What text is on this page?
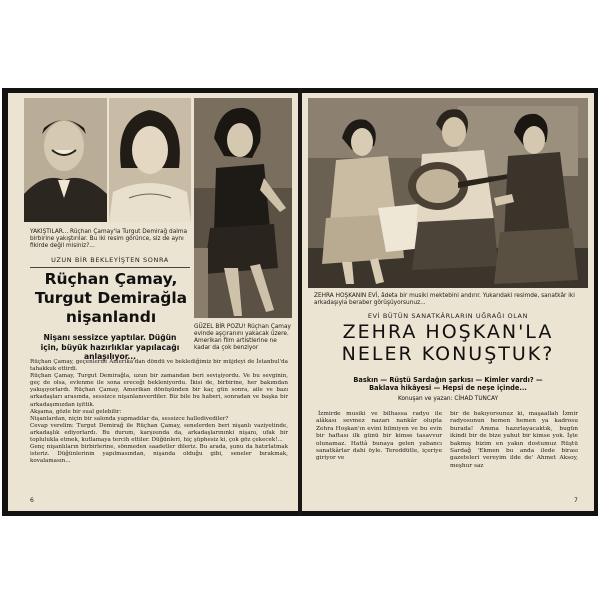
YAKIŞTILAR... Rüçhan Çamay'la Turgut Demirağ dalma birbirine yakıştırılar. Bu iki resim görünce, siz de aynı fikirde değil misiniz?...
UZUN BİR BEKLEYİŞTEN SONRA
Rüçhan Çamay,
Turgut Demirağla
nişanlandı
Nişanı sessizce yaptılar. Düğün için, büyük hazırlıklar yapılacağı anlaşılıyor...
GÜZEL BİR POZU! Rüçhan Çamay evinde aşçıranını yakacak üzere. Amerikan film artistlerine ne kadar da çok benziyor

Rüçhan Çamay, geçenlerde Amerika'dan döndü ve beklediğimiz bir müjdeyi de İstanbul'da tahakkuk ettirdi.

Rüçhan Çamay, Turgut Demirağla, uzun bir zamandan beri sevişiyordu. Ve bu sevginin, geç de olsa, evlenme ile sona ereceği bekleniyordu. İkisi de, birbirine, her bakımdan yakışıyorlardı. Rüçhan Çamay, Amerikan dönüşünden bir kaç gün sonra, aile ve bazı arkadaşları arasında, sessizce nişanlanıverdiler. Biz bile bu haberi, sonradan ve başka bir arkadaşımızdan işittik.

Akşama, gözle bir sual gelebilir:

Nişanlardan, niçin bir salonda yapmadılar da, sessizce halledivediler?

Cevap verelim: Turgut Demirağ ile Rüçhan Çamay, senelerden beri nişanlı vaziyetinde, arkadaşlık ediyorlardı. Bu durum, karşısında da, arkadaşlarınınki nişanı, ufak bir toplulukla etmek, kutlamaya tercih ettiler. Düğünleri, hiç şüphesiz ki, çok göz çekecek!...

Genç nişanlıların birbirlerine, sönmeden saadetler dileriz. Bu arada, şunu da hatırlatmak isteriz. Düğünlerinin yapılmasından, nişanda olduğu gibi, seneler bırakmak, kovalamasın...

6
ZEHRA HOŞKANIN EVİ, âdeta bir musiki mektebini andırır. Yukarıdaki resimde, sanatkâr iki arkadaşıyla beraber görüşüyorsunuz...
EVİ BÜTÜN SANATKÂRLARIN UĞRAĞI OLAN
ZEHRA HOŞKAN'LA
NELER KONUŞTUK?
Baskın — Rüştü Sardağın şarkısı — Kimler vardı? —
Baklava hikâyesi — Hepsi de neşe içinde...
Konuşan ve yazan: CİHAD TUNCAY
İzmirde musiki ve bilhassa radyo ile alâkası sevmez nazarı nankâr olupta Zehra Hoşkan'ın evini bilmiyen ve bu evin bir haftası ilk günü bir kimse tasavvur olunamaz. Hattâ bunaya gelen yabancı sanatkârlar dahi öyle. Tereddütle, içeriye giriyor ve
bir de bakıyorsunuz ki, maşaallah İzmir radyosunun hemen hemen ya kadrosu burada! Amma hazırlayacaktık, bugün ikindi bir de bize yahut bir kimse yok. İşte bakmış bizim en yakın dostumuz Rüştü Sardağ 'Ekmen bu anda ilede birası gazeteleri vereyim ilde de' Ahmet Aksoy, meşhur saz
7
